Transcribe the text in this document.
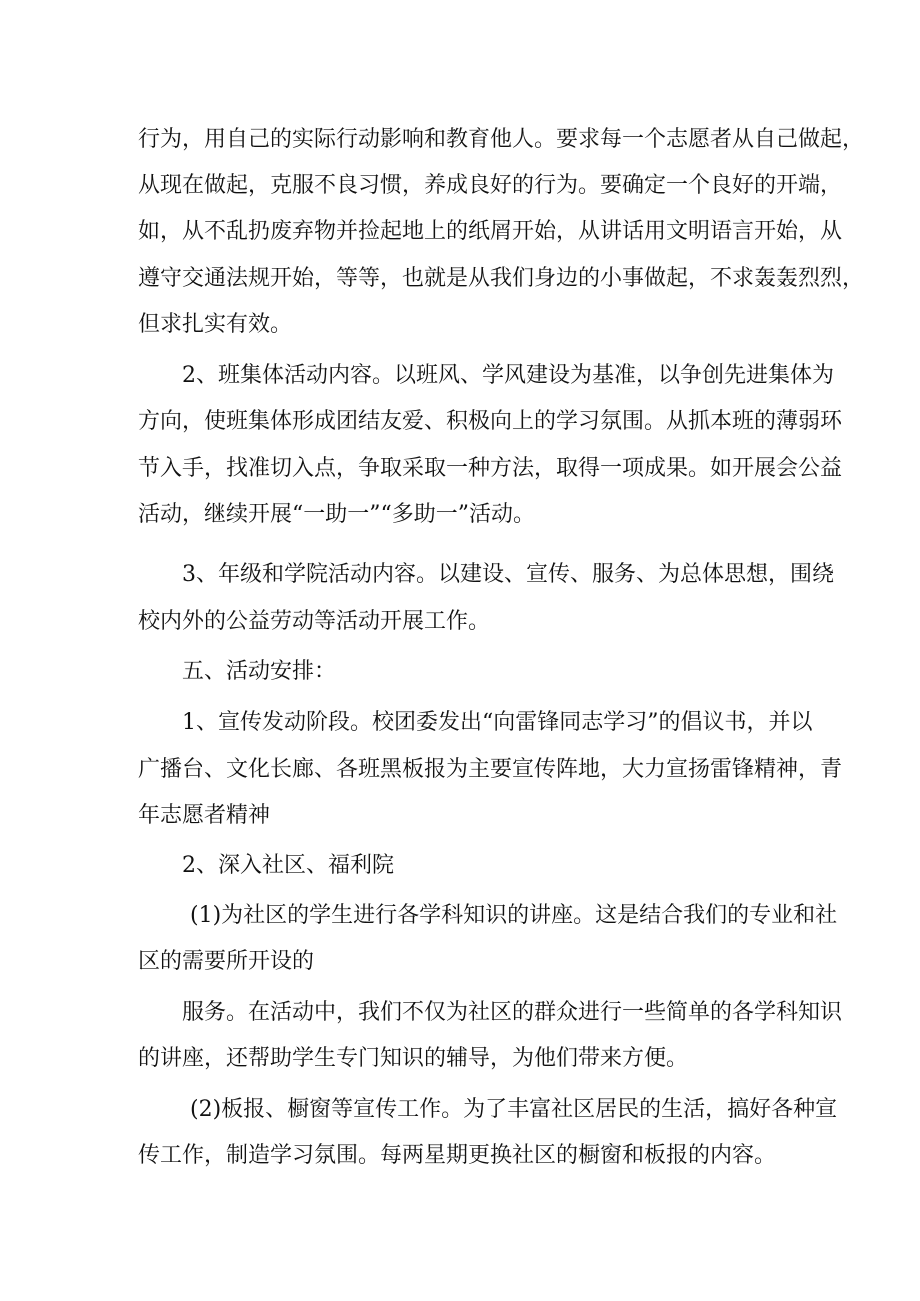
行为，用自己的实际行动影响和教育他人。要求每一个志愿者从自己做起，
从现在做起，克服不良习惯，养成良好的行为。要确定一个良好的开端，
如，从不乱扔废弃物并捡起地上的纸屑开始，从讲话用文明语言开始，从
遵守交通法规开始，等等，也就是从我们身边的小事做起，不求轰轰烈烈，
但求扎实有效。
2、班集体活动内容。以班风、学风建设为基准，以争创先进集体为
方向，使班集体形成团结友爱、积极向上的学习氛围。从抓本班的薄弱环
节入手，找准切入点，争取采取一种方法，取得一项成果。如开展会公益
活动，继续开展“一助一”“多助一”活动。
3、年级和学院活动内容。以建设、宣传、服务、为总体思想，围绕
校内外的公益劳动等活动开展工作。
五、活动安排：
1、宣传发动阶段。校团委发出“向雷锋同志学习”的倡议书，并以
广播台、文化长廊、各班黑板报为主要宣传阵地，大力宣扬雷锋精神，青
年志愿者精神
2、深入社区、福利院
(1)为社区的学生进行各学科知识的讲座。这是结合我们的专业和社
区的需要所开设的
服务。在活动中，我们不仅为社区的群众进行一些简单的各学科知识
的讲座，还帮助学生专门知识的辅导，为他们带来方便。
(2)板报、橱窗等宣传工作。为了丰富社区居民的生活，搞好各种宣
传工作，制造学习氛围。每两星期更换社区的橱窗和板报的内容。
